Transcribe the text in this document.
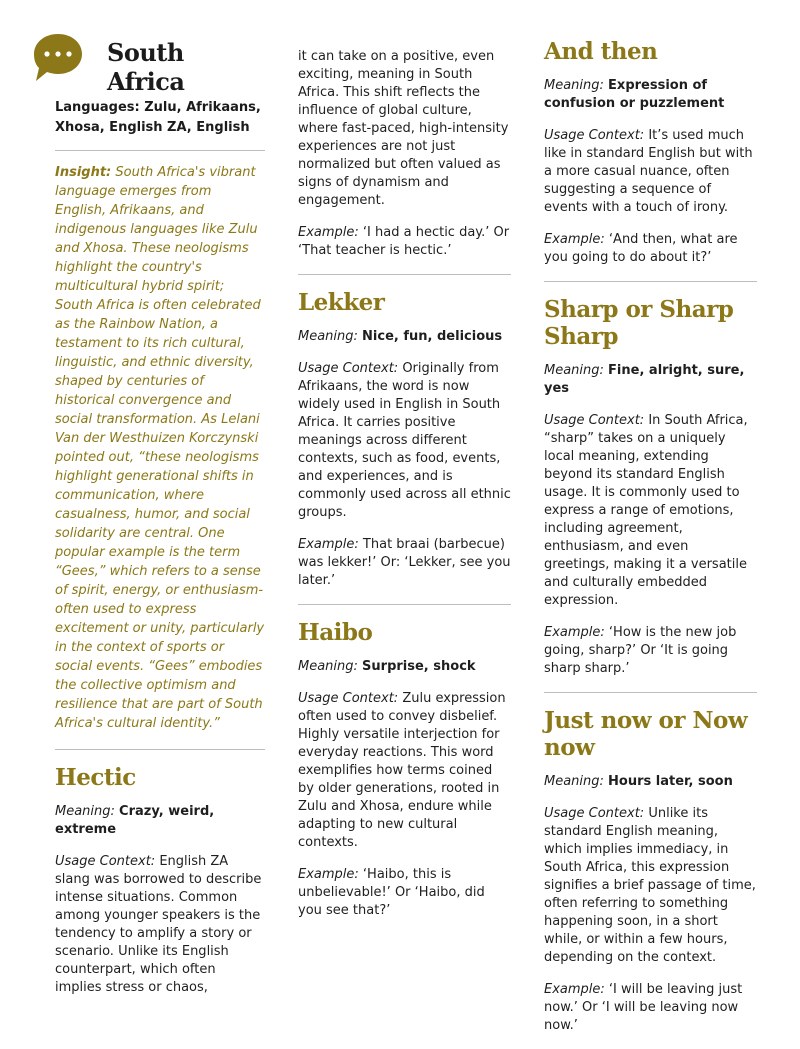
South Africa
Languages: Zulu, Afrikaans, Xhosa, English ZA, English
Insight: South Africa's vibrant language emerges from English, Afrikaans, and indigenous languages like Zulu and Xhosa. These neologisms highlight the country's multicultural hybrid spirit; South Africa is often celebrated as the Rainbow Nation, a testament to its rich cultural, linguistic, and ethnic diversity, shaped by centuries of historical convergence and social transformation. As Lelani Van der Westhuizen Korczynski pointed out, “these neologisms highlight generational shifts in communication, where casualness, humor, and social solidarity are central. One popular example is the term “Gees,” which refers to a sense of spirit, energy, or enthusiasm- often used to express excitement or unity, particularly in the context of sports or social events. “Gees” embodies the collective optimism and resilience that are part of South Africa's cultural identity.”
Hectic

Meaning: Crazy, weird, extreme

Usage Context: English ZA slang was borrowed to describe intense situations. Common among younger speakers is the tendency to amplify a story or scenario. Unlike its English counterpart, which often implies stress or chaos,

it can take on a positive, even exciting, meaning in South Africa. This shift reflects the influence of global culture, where fast-paced, high-intensity experiences are not just normalized but often valued as signs of dynamism and engagement.

Example: ‘I had a hectic day.’ Or ‘That teacher is hectic.’

Lekker

Meaning: Nice, fun, delicious

Usage Context: Originally from Afrikaans, the word is now widely used in English in South Africa. It carries positive meanings across different contexts, such as food, events, and experiences, and is commonly used across all ethnic groups.

Example: That braai (barbecue) was lekker!’ Or: ‘Lekker, see you later.’

Haibo

Meaning: Surprise, shock

Usage Context: Zulu expression often used to convey disbelief. Highly versatile interjection for everyday reactions. This word exemplifies how terms coined by older generations, rooted in Zulu and Xhosa, endure while adapting to new cultural contexts.

Example: ‘Haibo, this is unbelievable!’ Or ‘Haibo, did you see that?’

And then

Meaning: Expression of confusion or puzzlement

Usage Context: It’s used much like in standard English but with a more casual nuance, often suggesting a sequence of events with a touch of irony.

Example: ‘And then, what are you going to do about it?’

Sharp or Sharp Sharp

Meaning: Fine, alright, sure, yes

Usage Context: In South Africa, “sharp” takes on a uniquely local meaning, extending beyond its standard English usage. It is commonly used to express a range of emotions, including agreement, enthusiasm, and even greetings, making it a versatile and culturally embedded expression.

Example: ‘How is the new job going, sharp?’ Or ‘It is going sharp sharp.’

Just now or Now now

Meaning: Hours later, soon

Usage Context: Unlike its standard English meaning, which implies immediacy, in South Africa, this expression signifies a brief passage of time, often referring to something happening soon, in a short while, or within a few hours, depending on the context.

Example: ‘I will be leaving just now.’ Or ‘I will be leaving now now.’
